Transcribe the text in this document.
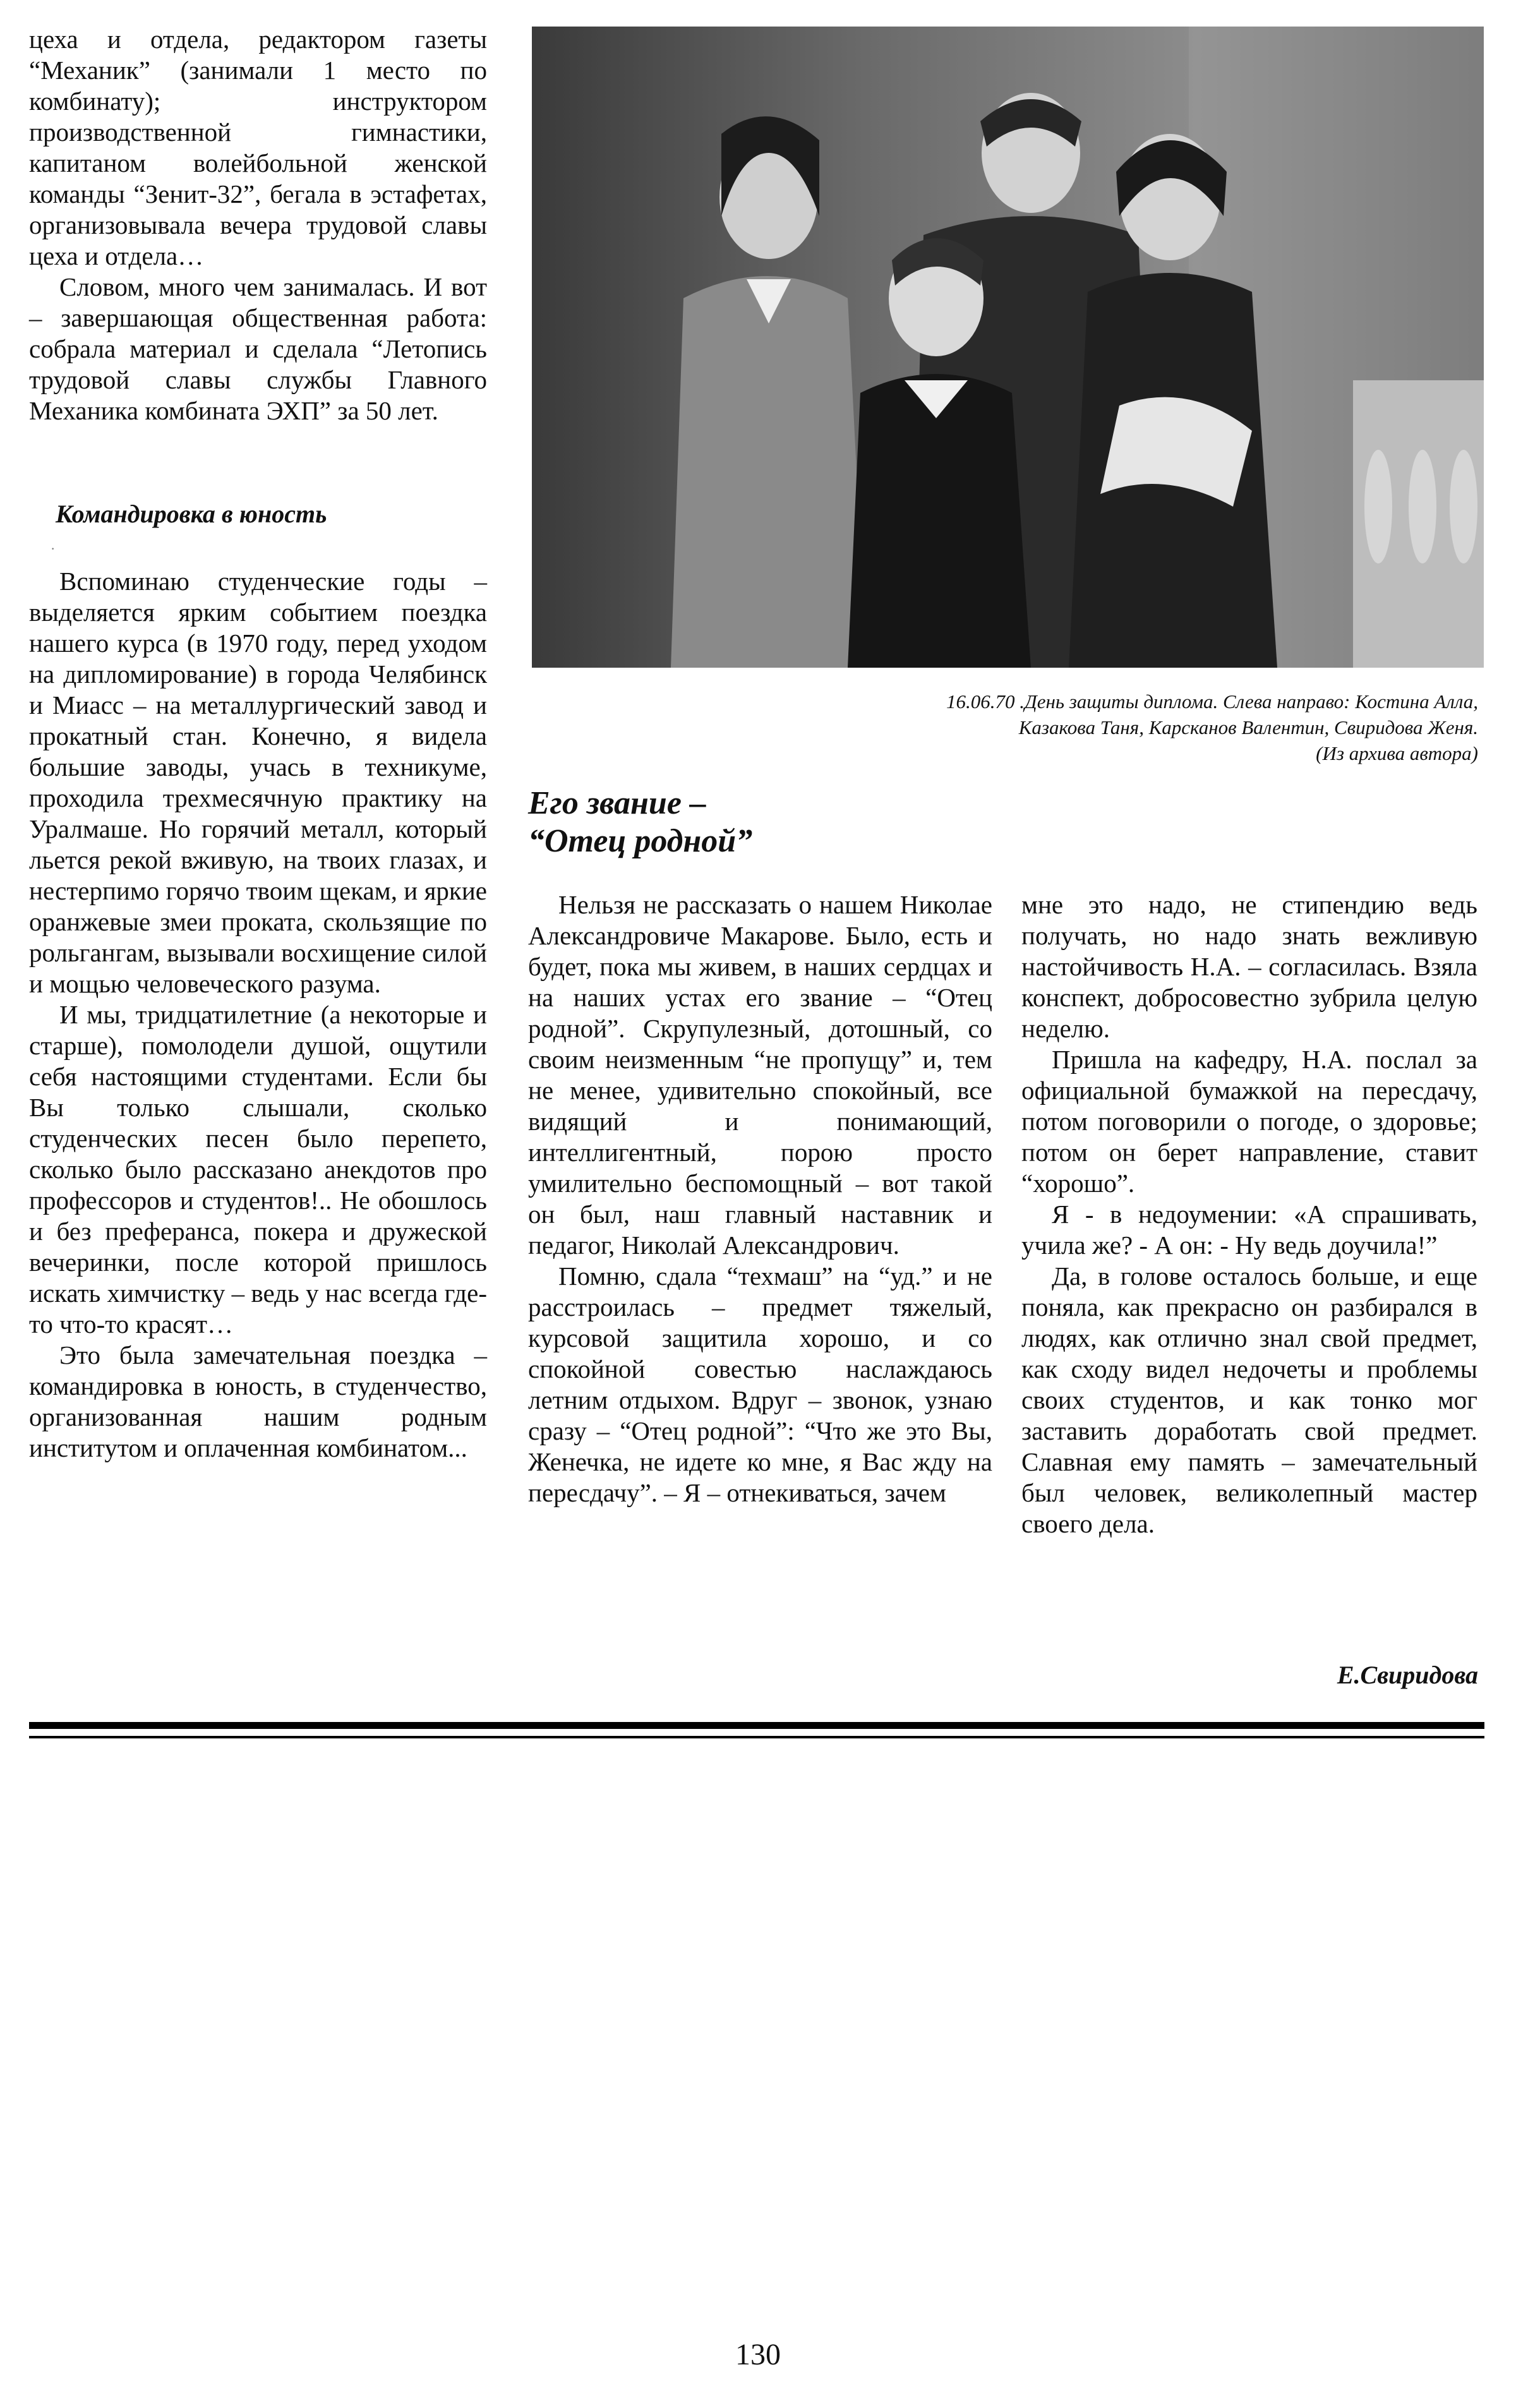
цеха и отдела, редактором газеты “Механик” (занимали 1 место по комбинату); инструктором производственной гимнастики, капитаном волейбольной женской команды “Зенит-32”, бегала в эстафетах, организовывала вечера трудовой славы цеха и отдела…

Словом, много чем занималась. И вот – завершающая общественная работа: собрала материал и сделала “Летопись трудовой славы службы Главного Механика комбината ЭХП” за 50 лет.

Командировка в юность
·

Вспоминаю студенческие годы – выделяется ярким событием поездка нашего курса (в 1970 году, перед уходом на дипломирование) в города Челябинск и Миасс – на металлургический завод и прокатный стан. Конечно, я видела большие заводы, учась в техникуме, проходила трехмесячную практику на Уралмаше. Но горячий металл, который льется рекой вживую, на твоих глазах, и нестерпимо горячо твоим щекам, и яркие оранжевые змеи проката, скользящие по рольгангам, вызывали восхищение силой и мощью человеческого разума.

И мы, тридцатилетние (а некоторые и старше), помолодели душой, ощутили себя настоящими студентами. Если бы Вы только слышали, сколько студенческих песен было перепето, сколько было рассказано анекдотов про профессоров и студентов!.. Не обошлось и без преферанса, покера и дружеской вечеринки, после которой пришлось искать химчистку – ведь у нас всегда где-то что-то красят…

Это была замечательная поездка – командировка в юность, в студенчество, организованная нашим родным институтом и оплаченная комбинатом...

16.06.70 .День защиты диплома. Слева направо: Костина Алла,
Казакова Таня, Карсканов Валентин, Свиридова Женя.
(Из архива автора)
Его звание –
“Отец родной”

Нельзя не рассказать о нашем Николае Александровиче Макарове. Было, есть и будет, пока мы живем, в наших сердцах и на наших устах его звание – “Отец родной”. Скрупулезный, дотошный, со своим неизменным “не пропущу” и, тем не менее, удивительно спокойный, все видящий и понимающий, интеллигентный, порою просто умилительно беспомощный – вот такой он был, наш главный наставник и педагог, Николай Александрович.

Помню, сдала “техмаш” на “уд.” и не расстроилась – предмет тяжелый, курсовой защитила хорошо, и со спокойной совестью наслаждаюсь летним отдыхом. Вдруг – звонок, узнаю сразу – “Отец родной”: “Что же это Вы, Женечка, не идете ко мне, я Вас жду на пересдачу”. – Я – отнекиваться, зачем

мне это надо, не стипендию ведь получать, но надо знать вежливую настойчивость Н.А. – согласилась. Взяла конспект, добросовестно зубрила целую неделю.

Пришла на кафедру, Н.А. послал за официальной бумажкой на пересдачу, потом поговорили о погоде, о здоровье; потом он берет направление, ставит “хорошо”.

Я - в недоумении: «А спрашивать, учила же? - А он: - Ну ведь доучила!”

Да, в голове осталось больше, и еще поняла, как прекрасно он разбирался в людях, как отлично знал свой предмет, как сходу видел недочеты и проблемы своих студентов, и как тонко мог заставить доработать свой предмет. Славная ему память – замечательный был человек, великолепный мастер своего дела.

Е.Свиридова
130
